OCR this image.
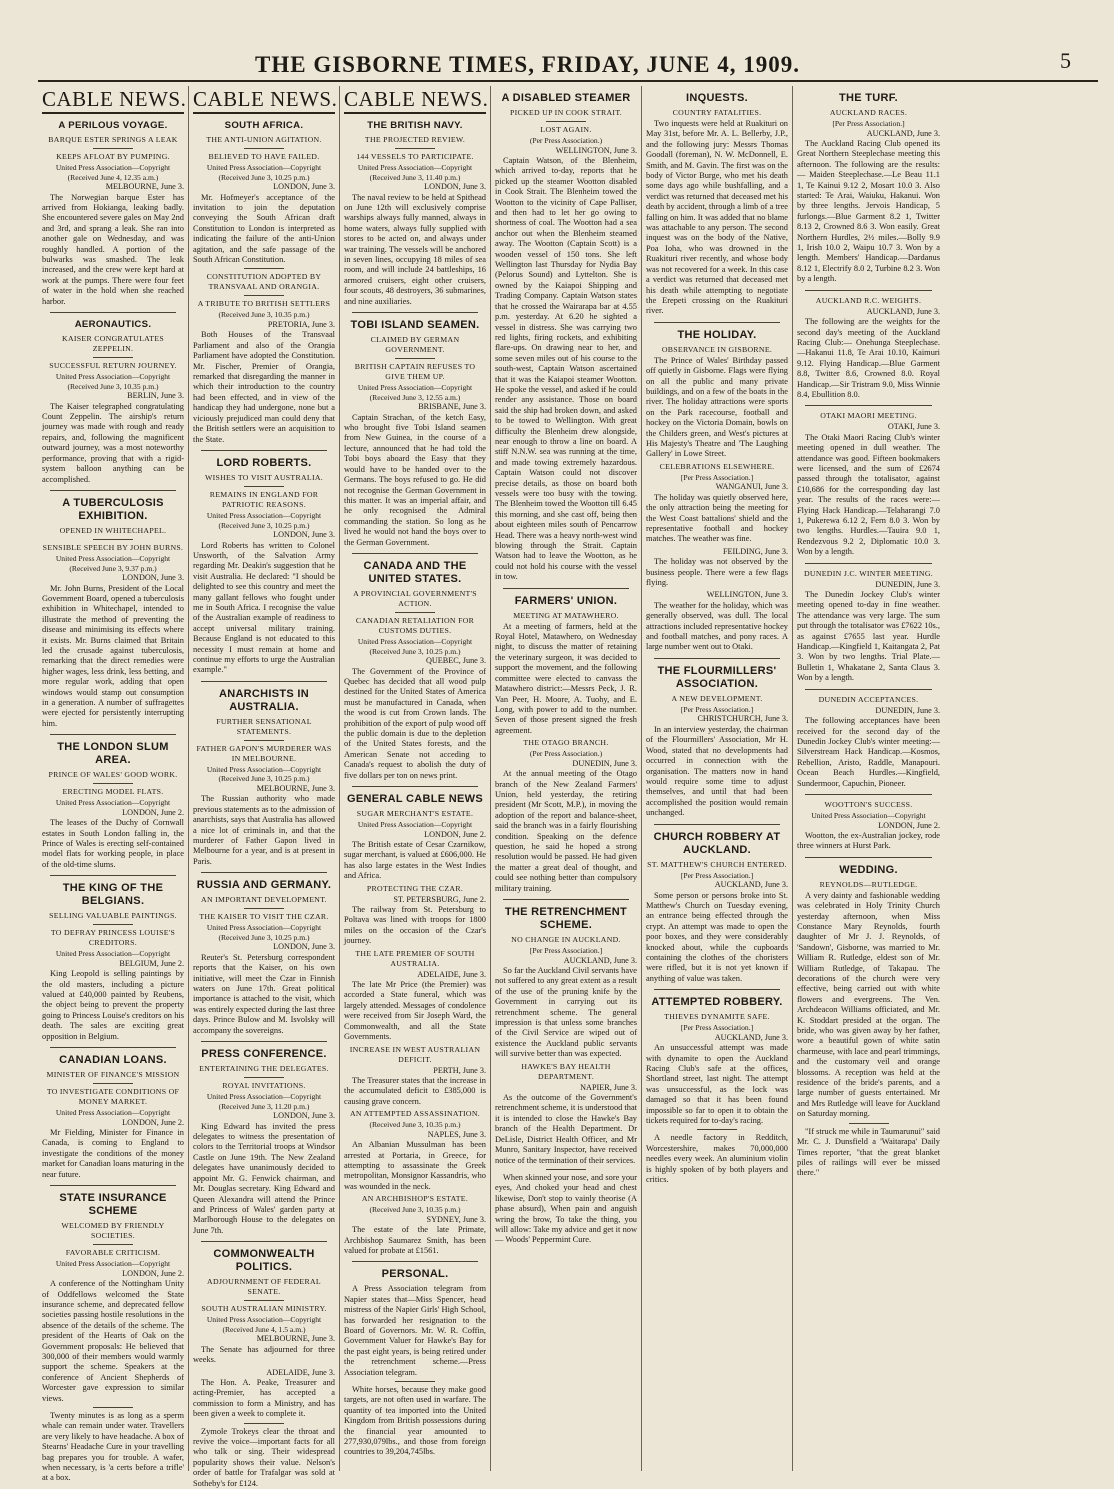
THE GISBORNE TIMES, FRIDAY, JUNE 4, 1909.	5
CABLE NEWS.
A PERILOUS VOYAGE.
BARQUE ESTER SPRINGS A LEAK
KEEPS AFLOAT BY PUMPING.
United Press Association—Copyright
(Received June 4, 12.35 a.m.)
MELBOURNE, June 3.

The Norwegian barque Ester has arrived from Hokianga, leaking badly. She encountered severe gales on May 2nd and 3rd, and sprang a leak. She ran into another gale on Wednesday, and was roughly handled. A portion of the bulwarks was smashed. The leak increased, and the crew were kept hard at work at the pumps. There were four feet of water in the hold when she reached harbor.

AERONAUTICS.
KAISER CONGRATULATES ZEPPELIN.
SUCCESSFUL RETURN JOURNEY.
United Press Association—Copyright
(Received June 3, 10.35 p.m.)
BERLIN, June 3.

The Kaiser telegraphed congratulating Count Zeppelin. The airship's return journey was made with rough and ready repairs, and, following the magnificent outward journey, was a most noteworthy performance, proving that with a rigid-system balloon anything can be accomplished.

A TUBERCULOSIS EXHIBITION.
OPENED IN WHITECHAPEL.
SENSIBLE SPEECH BY JOHN BURNS.
United Press Association—Copyright
(Received June 3, 9.37 p.m.)
LONDON, June 3.

Mr. John Burns, President of the Local Government Board, opened a tuberculosis exhibition in Whitechapel, intended to illustrate the method of preventing the disease and minimising its effects where it exists. Mr. Burns claimed that Britain led the crusade against tuberculosis, remarking that the direct remedies were higher wages, less drink, less betting, and more regular work, adding that open windows would stamp out consumption in a generation. A number of suffragettes were ejected for persistently interrupting him.

THE LONDON SLUM AREA.
PRINCE OF WALES' GOOD WORK.
ERECTING MODEL FLATS.
United Press Association—Copyright
LONDON, June 2.

The leases of the Duchy of Cornwall estates in South London falling in, the Prince of Wales is erecting self-contained model flats for working people, in place of the old-time slums.

THE KING OF THE BELGIANS.
SELLING VALUABLE PAINTINGS.
TO DEFRAY PRINCESS LOUISE'S CREDITORS.
United Press Association—Copyright
BELGIUM, June 2.

King Leopold is selling paintings by the old masters, including a picture valued at £40,000 painted by Reubens, the object being to prevent the property going to Princess Louise's creditors on his death. The sales are exciting great opposition in Belgium.

CANADIAN LOANS.
MINISTER OF FINANCE'S MISSION
TO INVESTIGATE CONDITIONS OF MONEY MARKET.
United Press Association—Copyright
LONDON, June 2.

Mr Fielding, Minister for Finance in Canada, is coming to England to investigate the conditions of the money market for Canadian loans maturing in the near future.

STATE INSURANCE SCHEME
WELCOMED BY FRIENDLY SOCIETIES.
FAVORABLE CRITICISM.
United Press Association—Copyright
LONDON, June 2.

A conference of the Nottingham Unity of Oddfellows welcomed the State insurance scheme, and deprecated fellow societies passing hostile resolutions in the absence of the details of the scheme. The president of the Hearts of Oak on the Government proposals: He believed that 300,000 of their members would warmly support the scheme. Speakers at the conference of Ancient Shepherds of Worcester gave expression to similar views.

Twenty minutes is as long as a sperm whale can remain under water. Travellers are very likely to have headache. A box of Stearns' Headache Cure in your travelling bag prepares you for trouble. A wafer, when necessary, is 'a certs before a trifle' at a box.

CABLE NEWS.
SOUTH AFRICA.
THE ANTI-UNION AGITATION.
BELIEVED TO HAVE FAILED.
United Press Association—Copyright
(Received June 3, 10.25 p.m.)
LONDON, June 3.

Mr. Hofmeyer's acceptance of the invitation to join the deputation conveying the South African draft Constitution to London is interpreted as indicating the failure of the anti-Union agitation, and the safe passage of the South African Constitution.

CONSTITUTION ADOPTED BY TRANSVAAL AND ORANGIA.
A TRIBUTE TO BRITISH SETTLERS
(Received June 3, 10.35 p.m.)
PRETORIA, June 3.

Both Houses of the Transvaal Parliament and also of the Orangia Parliament have adopted the Constitution. Mr. Fischer, Premier of Orangia, remarked that disregarding the manner in which their introduction to the country had been effected, and in view of the handicap they had undergone, none but a viciously prejudiced man could deny that the British settlers were an acquisition to the State.

LORD ROBERTS.
WISHES TO VISIT AUSTRALIA.
REMAINS IN ENGLAND FOR PATRIOTIC REASONS.
United Press Association—Copyright
(Received June 3, 10.25 p.m.)
LONDON, June 3.

Lord Roberts has written to Colonel Unsworth, of the Salvation Army regarding Mr. Deakin's suggestion that he visit Australia. He declared: "I should be delighted to see this country and meet the many gallant fellows who fought under me in South Africa. I recognise the value of the Australian example of readiness to accept universal military training. Because England is not educated to this necessity I must remain at home and continue my efforts to urge the Australian example."

ANARCHISTS IN AUSTRALIA.
FURTHER SENSATIONAL STATEMENTS.
FATHER GAPON'S MURDERER WAS IN MELBOURNE.
United Press Association—Copyright
(Received June 3, 10.25 p.m.)
MELBOURNE, June 3.

The Russian authority who made previous statements as to the admission of anarchists, says that Australia has allowed a nice lot of criminals in, and that the murderer of Father Gapon lived in Melbourne for a year, and is at present in Paris.

RUSSIA AND GERMANY.
AN IMPORTANT DEVELOPMENT.
THE KAISER TO VISIT THE CZAR.
United Press Association—Copyright
(Received June 3, 10.25 p.m.)
LONDON, June 3.

Reuter's St. Petersburg correspondent reports that the Kaiser, on his own initiative, will meet the Czar in Finnish waters on June 17th. Great political importance is attached to the visit, which was entirely expected during the last three days. Prince Bulow and M. Isvolsky will accompany the sovereigns.

PRESS CONFERENCE.
ENTERTAINING THE DELEGATES.
ROYAL INVITATIONS.
United Press Association—Copyright
(Received June 3, 11.20 p.m.)
LONDON, June 3.

King Edward has invited the press delegates to witness the presentation of colors to the Territorial troops at Windsor Castle on June 19th. The New Zealand delegates have unanimously decided to appoint Mr. G. Fenwick chairman, and Mr. Douglas secretary. King Edward and Queen Alexandra will attend the Prince and Princess of Wales' garden party at Marlborough House to the delegates on June 7th.

COMMONWEALTH POLITICS.
ADJOURNMENT OF FEDERAL SENATE.
SOUTH AUSTRALIAN MINISTRY.
United Press Association—Copyright
(Received June 4, 1.5 a.m.)
MELBOURNE, June 3.

The Senate has adjourned for three weeks.

ADELAIDE, June 3.

The Hon. A. Peake, Treasurer and acting-Premier, has accepted a commission to form a Ministry, and has been given a week to complete it.

Zymole Trokeys clear the throat and revive the voice—important facts for all who talk or sing. Their widespread popularity shows their value. Nelson's order of battle for Trafalgar was sold at Sotheby's for £124.

CABLE NEWS.
THE BRITISH NAVY.
THE PROJECTED REVIEW.
144 VESSELS TO PARTICIPATE.
United Press Association—Copyright
(Received June 3, 11.40 p.m.)
LONDON, June 3.

The naval review to be held at Spithead on June 12th will exclusively comprise warships always fully manned, always in home waters, always fully supplied with stores to be acted on, and always under war training. The vessels will be anchored in seven lines, occupying 18 miles of sea room, and will include 24 battleships, 16 armored cruisers, eight other cruisers, four scouts, 48 destroyers, 36 submarines, and nine auxiliaries.

TOBI ISLAND SEAMEN.
CLAIMED BY GERMAN GOVERNMENT.
BRITISH CAPTAIN REFUSES TO GIVE THEM UP.
United Press Association—Copyright
(Received June 3, 12.55 a.m.)
BRISBANE, June 3.

Captain Strachan, of the ketch Easy, who brought five Tobi Island seamen from New Guinea, in the course of a lecture, announced that he had told the Tobi boys aboard the Easy that they would have to be handed over to the Germans. The boys refused to go. He did not recognise the German Government in this matter. It was an imperial affair, and he only recognised the Admiral commanding the station. So long as he lived he would not hand the boys over to the German Government.

CANADA AND THE UNITED STATES.
A PROVINCIAL GOVERNMENT'S ACTION.
CANADIAN RETALIATION FOR CUSTOMS DUTIES.
United Press Association—Copyright
(Received June 3, 10.25 p.m.)
QUEBEC, June 3.

The Government of the Province of Quebec has decided that all wood pulp destined for the United States of America must be manufactured in Canada, when the wood is cut from Crown lands. The prohibition of the export of pulp wood off the public domain is due to the depletion of the United States forests, and the American Senate not acceding to Canada's request to abolish the duty of five dollars per ton on news print.

GENERAL CABLE NEWS
SUGAR MERCHANT'S ESTATE.
United Press Association—Copyright
LONDON, June 2.

The British estate of Cesar Czarnikow, sugar merchant, is valued at £606,000. He has also large estates in the West Indies and Africa.

PROTECTING THE CZAR.
ST. PETERSBURG, June 2.

The railway from St. Petersburg to Poltava was lined with troops for 1800 miles on the occasion of the Czar's journey.

THE LATE PREMIER OF SOUTH AUSTRALIA.
ADELAIDE, June 3.

The late Mr Price (the Premier) was accorded a State funeral, which was largely attended. Messages of condolence were received from Sir Joseph Ward, the Commonwealth, and all the State Governments.

INCREASE IN WEST AUSTRALIAN DEFICIT.
PERTH, June 3.

The Treasurer states that the increase in the accumulated deficit to £385,000 is causing grave concern.

AN ATTEMPTED ASSASSINATION.
(Received June 3, 10.35 p.m.)
NAPLES, June 3.

An Albanian Mussulman has been arrested at Portaria, in Greece, for attempting to assassinate the Greek metropolitan, Monsignor Kassandris, who was wounded in the neck.

AN ARCHBISHOP'S ESTATE.
(Received June 3, 10.35 p.m.)
SYDNEY, June 3.

The estate of the late Primate, Archbishop Saumarez Smith, has been valued for probate at £1561.

PERSONAL.

A Press Association telegram from Napier states that—Miss Spencer, head mistress of the Napier Girls' High School, has forwarded her resignation to the Board of Governors. Mr. W. R. Coffin, Government Valuer for Hawke's Bay for the past eight years, is being retired under the retrenchment scheme.—Press Association telegram.

White horses, because they make good targets, are not often used in warfare. The quantity of tea imported into the United Kingdom from British possessions during the financial year amounted to 277,930,079lbs., and those from foreign countries to 39,204,745lbs.

A DISABLED STEAMER
PICKED UP IN COOK STRAIT.
LOST AGAIN.
(Per Press Association.)
WELLINGTON, June 3.

Captain Watson, of the Blenheim, which arrived to-day, reports that he picked up the steamer Wootton disabled in Cook Strait. The Blenheim towed the Wootton to the vicinity of Cape Palliser, and then had to let her go owing to shortness of coal. The Wootton had a sea anchor out when the Blenheim steamed away. The Wootton (Captain Scott) is a wooden vessel of 150 tons. She left Wellington last Thursday for Nydia Bay (Pelorus Sound) and Lyttelton. She is owned by the Kaiapoi Shipping and Trading Company. Captain Watson states that he crossed the Wairarapa bar at 4.55 p.m. yesterday. At 6.20 he sighted a vessel in distress. She was carrying two red lights, firing rockets, and exhibiting flare-ups. On drawing near to her, and some seven miles out of his course to the south-west, Captain Watson ascertained that it was the Kaiapoi steamer Wootton. He spoke the vessel, and asked if he could render any assistance. Those on board said the ship had broken down, and asked to be towed to Wellington. With great difficulty the Blenheim drew alongside, near enough to throw a line on board. A stiff N.N.W. sea was running at the time, and made towing extremely hazardous. Captain Watson could not discover precise details, as those on board both vessels were too busy with the towing. The Blenheim towed the Wootton till 6.45 this morning, and she cast off, being then about eighteen miles south of Pencarrow Head. There was a heavy north-west wind blowing through the Strait. Captain Watson had to leave the Wootton, as he could not hold his course with the vessel in tow.

FARMERS' UNION.
MEETING AT MATAWHERO.

At a meeting of farmers, held at the Royal Hotel, Matawhero, on Wednesday night, to discuss the matter of retaining the veterinary surgeon, it was decided to support the movement, and the following committee were elected to canvass the Matawhero district:—Messrs Peck, J. R. Van Peer, H. Moore, A. Tuohy, and E. Long, with power to add to the number. Seven of those present signed the fresh agreement.

THE OTAGO BRANCH.
(Per Press Association.)
DUNEDIN, June 3.

At the annual meeting of the Otago branch of the New Zealand Farmers' Union, held yesterday, the retiring president (Mr Scott, M.P.), in moving the adoption of the report and balance-sheet, said the branch was in a fairly flourishing condition. Speaking on the defence question, he said he hoped a strong resolution would be passed. He had given the matter a great deal of thought, and could see nothing better than compulsory military training.

THE RETRENCHMENT SCHEME.
NO CHANGE IN AUCKLAND.
[Per Press Association.]
AUCKLAND, June 3.

So far the Auckland Civil servants have not suffered to any great extent as a result of the use of the pruning knife by the Government in carrying out its retrenchment scheme. The general impression is that unless some branches of the Civil Service are wiped out of existence the Auckland public servants will survive better than was expected.

HAWKE'S BAY HEALTH DEPARTMENT.
NAPIER, June 3.

As the outcome of the Government's retrenchment scheme, it is understood that it is intended to close the Hawke's Bay branch of the Health Department. Dr DeLisle, District Health Officer, and Mr Munro, Sanitary Inspector, have received notice of the termination of their services.

When skinned your nose, and sore your eyes, And choked your head and chest likewise, Don't stop to vainly theorise (A phase absurd), When pain and anguish wring the brow, To take the thing, you will allow: Take my advice and get it now— Woods' Peppermint Cure.

INQUESTS.
COUNTRY FATALITIES.

Two inquests were held at Ruakituri on May 31st, before Mr. A. L. Bellerby, J.P., and the following jury: Messrs Thomas Goodall (foreman), N. W. McDonnell, E. Smith, and M. Gavin. The first was on the body of Victor Burge, who met his death some days ago while bushfalling, and a verdict was returned that deceased met his death by accident, through a limb of a tree falling on him. It was added that no blame was attachable to any person. The second inquest was on the body of the Native, Poa Ioha, who was drowned in the Ruakituri river recently, and whose body was not recovered for a week. In this case a verdict was returned that deceased met his death while attempting to negotiate the Erepeti crossing on the Ruakituri river.

THE HOLIDAY.
OBSERVANCE IN GISBORNE.

The Prince of Wales' Birthday passed off quietly in Gisborne. Flags were flying on all the public and many private buildings, and on a few of the boats in the river. The holiday attractions were sports on the Park racecourse, football and hockey on the Victoria Domain, bowls on the Childers green, and West's pictures at His Majesty's Theatre and 'The Laughing Gallery' in Lowe Street.

CELEBRATIONS ELSEWHERE.
[Per Press Association.]
WANGANUI, June 3.

The holiday was quietly observed here, the only attraction being the meeting for the West Coast battalions' shield and the representative football and hockey matches. The weather was fine.

FEILDING, June 3.

The holiday was not observed by the business people. There were a few flags flying.

WELLINGTON, June 3.

The weather for the holiday, which was generally observed, was dull. The local attractions included representative hockey and football matches, and pony races. A large number went out to Otaki.

THE FLOURMILLERS' ASSOCIATION.
A NEW DEVELOPMENT.
[Per Press Association.]
CHRISTCHURCH, June 3.

In an interview yesterday, the chairman of the Flourmillers' Association, Mr H. Wood, stated that no developments had occurred in connection with the organisation. The matters now in hand would require some time to adjust themselves, and until that had been accomplished the position would remain unchanged.

CHURCH ROBBERY AT AUCKLAND.
ST. MATTHEW'S CHURCH ENTERED.
[Per Press Association.]
AUCKLAND, June 3.

Some person or persons broke into St. Matthew's Church on Tuesday evening, an entrance being effected through the crypt. An attempt was made to open the poor boxes, and they were considerably knocked about, while the cupboards containing the clothes of the choristers were rifled, but it is not yet known if anything of value was taken.

ATTEMPTED ROBBERY.
THIEVES DYNAMITE SAFE.
[Per Press Association.]
AUCKLAND, June 3.

An unsuccessful attempt was made with dynamite to open the Auckland Racing Club's safe at the offices, Shortland street, last night. The attempt was unsuccessful, as the lock was damaged so that it has been found impossible so far to open it to obtain the tickets required for to-day's racing.

A needle factory in Redditch, Worcestershire, makes 70,000,000 needles every week. An aluminium violin is highly spoken of by both players and critics.

THE TURF.
AUCKLAND RACES.
[Per Press Association.]
AUCKLAND, June 3.

The Auckland Racing Club opened its Great Northern Steeplechase meeting this afternoon. The following are the results:— Maiden Steeplechase.—Le Beau 11.1 1, Te Kainui 9.12 2, Mosart 10.0 3. Also started: Te Arai, Waiuku, Hakanui. Won by three lengths. Jervois Handicap, 5 furlongs.—Blue Garment 8.2 1, Twitter 8.13 2, Crowned 8.6 3. Won easily. Great Northern Hurdles, 2½ miles.—Bolly 9.9 1, Irish 10.0 2, Waipu 10.7 3. Won by a length. Members' Handicap.—Dardanus 8.12 1, Electrify 8.0 2, Turbine 8.2 3. Won by a length.

AUCKLAND R.C. WEIGHTS.
AUCKLAND, June 3.

The following are the weights for the second day's meeting of the Auckland Racing Club:— Onehunga Steeplechase.—Hakanui 11.8, Te Arai 10.10, Kaimuri 9.12. Flying Handicap.—Blue Garment 8.8, Twitter 8.6, Crowned 8.0. Royal Handicap.—Sir Tristram 9.0, Miss Winnie 8.4, Ebullition 8.0.

OTAKI MAORI MEETING.
OTAKI, June 3.

The Otaki Maori Racing Club's winter meeting opened in dull weather. The attendance was good. Fifteen bookmakers were licensed, and the sum of £2674 passed through the totalisator, against £10,686 for the corresponding day last year. The results of the races were:— Flying Hack Handicap.—Telaharangi 7.0 1, Pukerewa 6.12 2, Fern 8.0 3. Won by two lengths. Hurdles.—Tauira 9.0 1, Rendezvous 9.2 2, Diplomatic 10.0 3. Won by a length.

DUNEDIN J.C. WINTER MEETING.
DUNEDIN, June 3.

The Dunedin Jockey Club's winter meeting opened to-day in fine weather. The attendance was very large. The sum put through the totalisator was £7622 10s., as against £7655 last year. Hurdle Handicap.—Kingfield 1, Kaitangata 2, Pat 3. Won by two lengths. Trial Plate.—Bulletin 1, Whakatane 2, Santa Claus 3. Won by a length.

DUNEDIN ACCEPTANCES.
DUNEDIN, June 3.

The following acceptances have been received for the second day of the Dunedin Jockey Club's winter meeting:— Silverstream Hack Handicap.—Kosmos, Rebellion, Aristo, Raddle, Manapouri. Ocean Beach Hurdles.—Kingfield, Sundermoor, Capuchin, Pioneer.

WOOTTON'S SUCCESS.
United Press Association—Copyright
LONDON, June 2.

Wootton, the ex-Australian jockey, rode three winners at Hurst Park.

WEDDING.
REYNOLDS—RUTLEDGE.

A very dainty and fashionable wedding was celebrated in Holy Trinity Church yesterday afternoon, when Miss Constance Mary Reynolds, fourth daughter of Mr J. J. Reynolds, of 'Sandown', Gisborne, was married to Mr. William R. Rutledge, eldest son of Mr. William Rutledge, of Takapau. The decorations of the church were very effective, being carried out with white flowers and evergreens. The Ven. Archdeacon Williams officiated, and Mr. K. Stoddart presided at the organ. The bride, who was given away by her father, wore a beautiful gown of white satin charmeuse, with lace and pearl trimmings, and the customary veil and orange blossoms. A reception was held at the residence of the bride's parents, and a large number of guests entertained. Mr and Mrs Rutledge will leave for Auckland on Saturday morning.

"If struck me while in Taumarunui" said Mr. C. J. Dunsfield a 'Waitarapa' Daily Times reporter, "that the great blanket piles of railings will ever be missed there."
